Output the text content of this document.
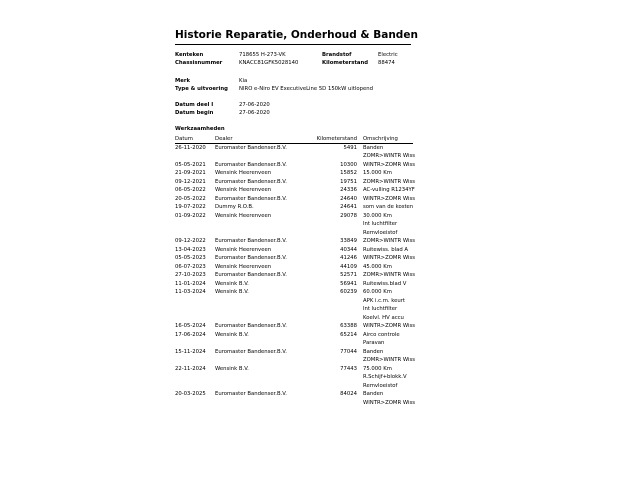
Historie Reparatie, Onderhoud & Banden
Kenteken	718655 H-273-VK	Brandstof	Electric
Chassisnummer	KNACC81GFK5028140	Kilometerstand 88474
Merk	Kia
Type & uitvoering NIRO e-Niro EV ExecutiveLine 5D 150kW uitlopend
Datum deel I	27-06-2020
Datum begin	27-06-2020
Werkzaamheden
Datum	Dealer	Kilometerstand Omschrijving
26-11-2020 Euromaster Bandenser.B.V.	5491 Banden
ZOMR>WINTR Wiss
05-05-2021 Euromaster Bandenser.B.V.	10300 WINTR>ZOMR Wiss
21-09-2021 Wensink Heerenveen	15852 15.000 Km
09-12-2021 Euromaster Bandenser.B.V.	19751 ZOMR>WINTR Wiss
06-05-2022 Wensink Heerenveen	24336 AC-vulling R1234YF
20-05-2022 Euromaster Bandenser.B.V.	24640 WINTR>ZOMR Wiss
19-07-2022 Dummy R.O.B.	24641 som van de kosten
01-09-2022 Wensink Heerenveen	29078 30.000 Km
Int luchtfilter
Remvloeistof
09-12-2022 Euromaster Bandenser.B.V.	33849 ZOMR>WINTR Wiss
13-04-2023 Wensink Heerenveen	40344 Ruitewiss. blad A
05-05-2023 Euromaster Bandenser.B.V.	41246 WINTR>ZOMR Wiss
06-07-2023 Wensink Heerenveen	44109 45.000 Km
27-10-2023 Euromaster Bandenser.B.V.	52571 ZOMR>WINTR Wiss
11-01-2024 Wensink B.V.	56941 Ruitewiss.blad V
11-03-2024 Wensink B.V.	60239 60.000 Km
APK i.c.m. keurt
Int luchtfilter
Koelvl. HV accu
16-05-2024 Euromaster Bandenser.B.V.	63388 WINTR>ZOMR Wiss
17-06-2024 Wensink B.V.	65214 Airco controle
Paravan
15-11-2024 Euromaster Bandenser.B.V.	77044 Banden
ZOMR>WINTR Wiss
22-11-2024 Wensink B.V.	77443 75.000 Km
R.Schijf+blokk.V
Remvloeistof
20-03-2025 Euromaster Bandenser.B.V.	84024 Banden
WINTR>ZOMR Wiss
